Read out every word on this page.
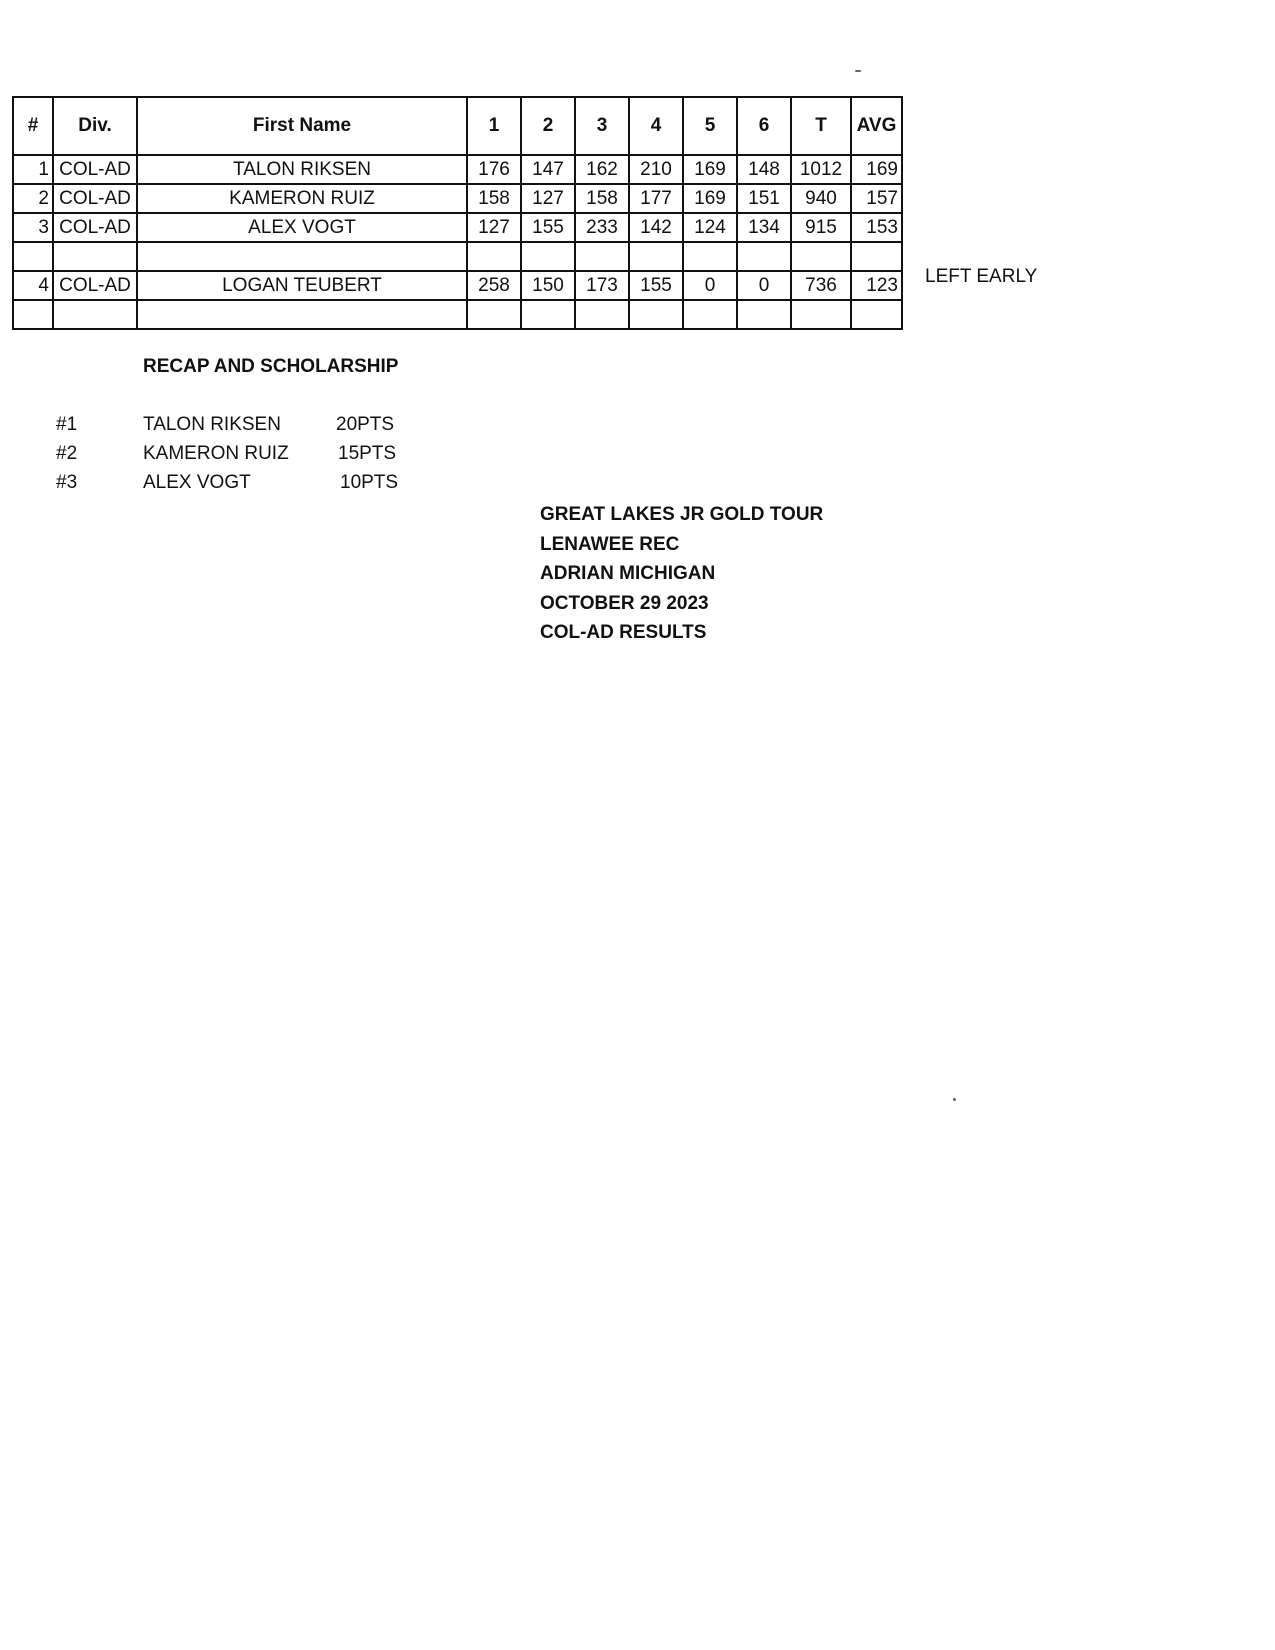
#	Div.	First Name	1	2	3	4	5	6	T	AVG
1	COL-AD	TALON RIKSEN	176	147	162	210	169	148	1012	169
2	COL-AD	KAMERON RUIZ	158	127	158	177	169	151	940	157
3	COL-AD	ALEX VOGT	127	155	233	142	124	134	915	153

4	COL-AD	LOGAN TEUBERT	258	150	173	155	0	0	736	123
										LEFT EARLY
RECAP AND SCHOLARSHIP
#1	TALON RIKSEN	20PTS
#2	KAMERON RUIZ	15PTS
#3	ALEX VOGT	10PTS
GREAT LAKES JR GOLD TOUR
LENAWEE REC
ADRIAN MICHIGAN
OCTOBER 29 2023
COL-AD RESULTS
